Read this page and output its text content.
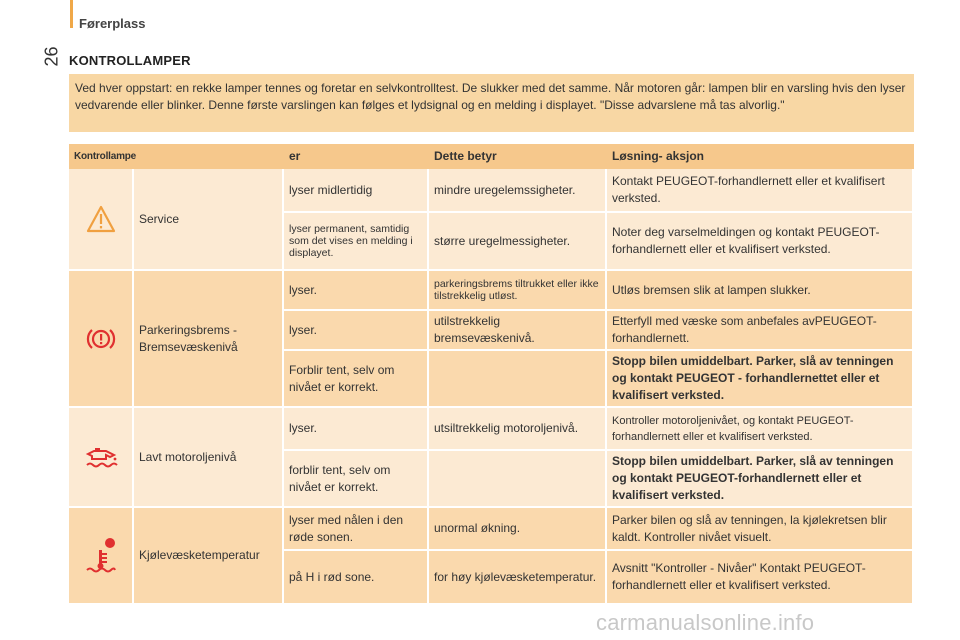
Førerplass
26 KONTROLLAMPER
Ved hver oppstart: en rekke lamper tennes og foretar en selvkontrolltest. De slukker med det samme. Når motoren går: lampen blir en varsling hvis den lyser vedvarende eller blinker. Denne første varslingen kan følges et lydsignal og en melding i displayet. "Disse advarslene må tas alvorlig."
Kontrollampe		er	Dette betyr	Løsning- aksjon
	Service	lyser midlertidig	mindre uregelemssigheter.	Kontakt PEUGEOT-forhandlernett eller et kvalifisert verksted.
		lyser permanent, samtidig som det vises en melding i displayet.	større uregelmessigheter.	Noter deg varselmeldingen og kontakt PEUGEOT-forhandlernett eller et kvalifisert verksted.
	Parkeringsbrems - Bremsevæskenivå	lyser.	parkeringsbrems tiltrukket eller ikke tilstrekkelig utløst.	Utløs bremsen slik at lampen slukker.
		lyser.	utilstrekkelig bremsevæskenivå.	Etterfyll med væske som anbefales avPEUGEOT-forhandlernett.
		Forblir tent, selv om nivået er korrekt.		Stopp bilen umiddelbart. Parker, slå av tenningen og kontakt PEUGEOT - forhandlernettet eller et kvalifisert verksted.
	Lavt motoroljenivå	lyser.	utsiltrekkelig motoroljenivå.	Kontroller motoroljenivået, og kontakt PEUGEOT-forhandlernett eller et kvalifisert verksted.
		forblir tent, selv om nivået er korrekt.		Stopp bilen umiddelbart. Parker, slå av tenningen og kontakt PEUGEOT-forhandlernett eller et kvalifisert verksted.
	Kjølevæsketemperatur	lyser med nålen i den røde sonen.	unormal økning.	Parker bilen og slå av tenningen, la kjølekretsen blir kaldt. Kontroller nivået visuelt.
		på H i rød sone.	for høy kjølevæsketemperatur.	Avsnitt "Kontroller - Nivåer" Kontakt PEUGEOT-forhandlernett eller et kvalifisert verksted.
carmanualsonline.info
